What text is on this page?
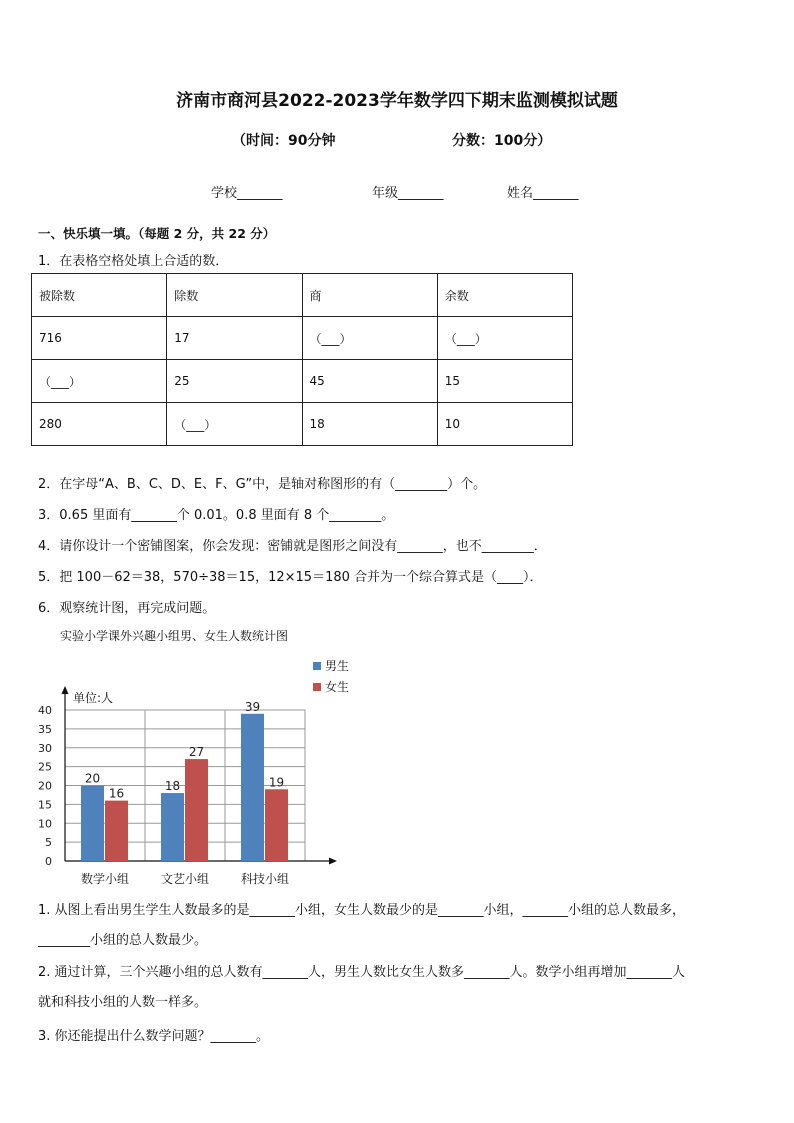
济南市商河县2022-2023学年数学四下期末监测模拟试题
（时间：90分钟	分数：100分）
学校_______	年级_______	姓名_______
一、快乐填一填。（每题 2 分，共 22 分）
1．在表格空格处填上合适的数．
被除数	除数	商	余数
716	17	（___）	（___）
（___）	25	45	15
280	（___）	18	10
2．在字母“A、B、C、D、E、F、G”中，是轴对称图形的有（________）个。
3．0.65 里面有_______个 0.01。0.8 里面有 8 个________。
4．请你设计一个密铺图案，你会发现：密铺就是图形之间没有_______，也不________．
5．把 100－62＝38，570÷38＝15，12×15＝180 合并为一个综合算式是（____）．
6．观察统计图，再完成问题。
实验小学课外兴趣小组男、女生人数统计图
0
5
10
15
20
25
30
35
40
单位:人
20
16
数学小组
18
27
文艺小组
39
19
科技小组
男生
女生
1. 从图上看出男生学生人数最多的是_______小组，女生人数最少的是_______小组，_______小组的总人数最多，
________小组的总人数最少。
2. 通过计算，三个兴趣小组的总人数有_______人，男生人数比女生人数多_______人。数学小组再增加_______人
就和科技小组的人数一样多。
3. 你还能提出什么数学问题？_______。
